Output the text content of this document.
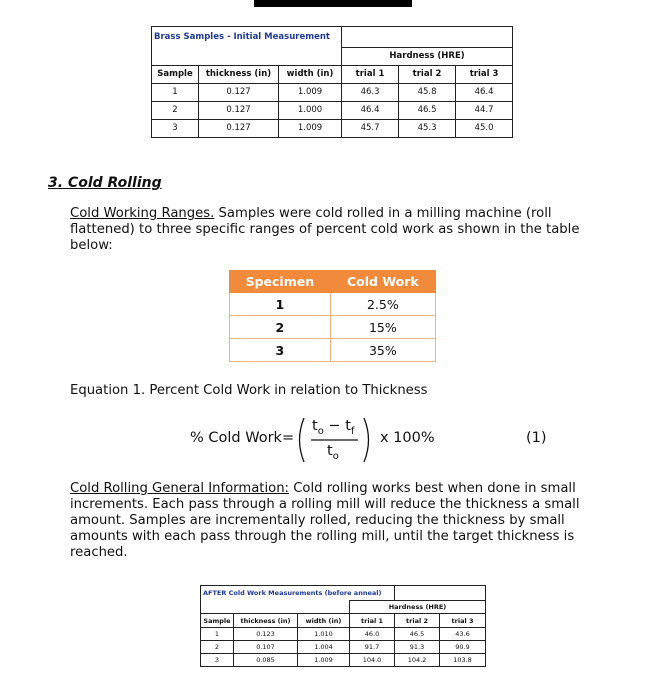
Brass Samples - Initial Measurement					
			Hardness (HRE)		
Sample	thickness (in)	width (in)	trial 1	trial 2	trial 3
1	0.127	1.009	46.3	45.8	46.4
2	0.127	1.000	46.4	46.5	44.7
3	0.127	1.009	45.7	45.3	45.0
3. Cold Rolling
Cold Working Ranges. Samples were cold rolled in a milling machine (roll
flattened) to three specific ranges of percent cold work as shown in the table
below:
Specimen	Cold Work
1	2.5%
2	15%
3	35%
Equation 1. Percent Cold Work in relation to Thickness
% Cold Work=
$t_o - t_f$
$t_o$
x 100%	(1)
Cold Rolling General Information: Cold rolling works best when done in small
increments. Each pass through a rolling mill will reduce the thickness a small
amount. Samples are incrementally rolled, reducing the thickness by small
amounts with each pass through the rolling mill, until the target thickness is
reached.
AFTER Cold Work Measurements (before anneal)					
			Hardness (HRE)		
Sample	thickness (in)	width (in)	trial 1	trial 2	trial 3
1	0.123	1.010	46.0	46.5	43.6
2	0.107	1.004	91.7	91.3	90.9
3	0.085	1.009	104.0	104.2	103.8
